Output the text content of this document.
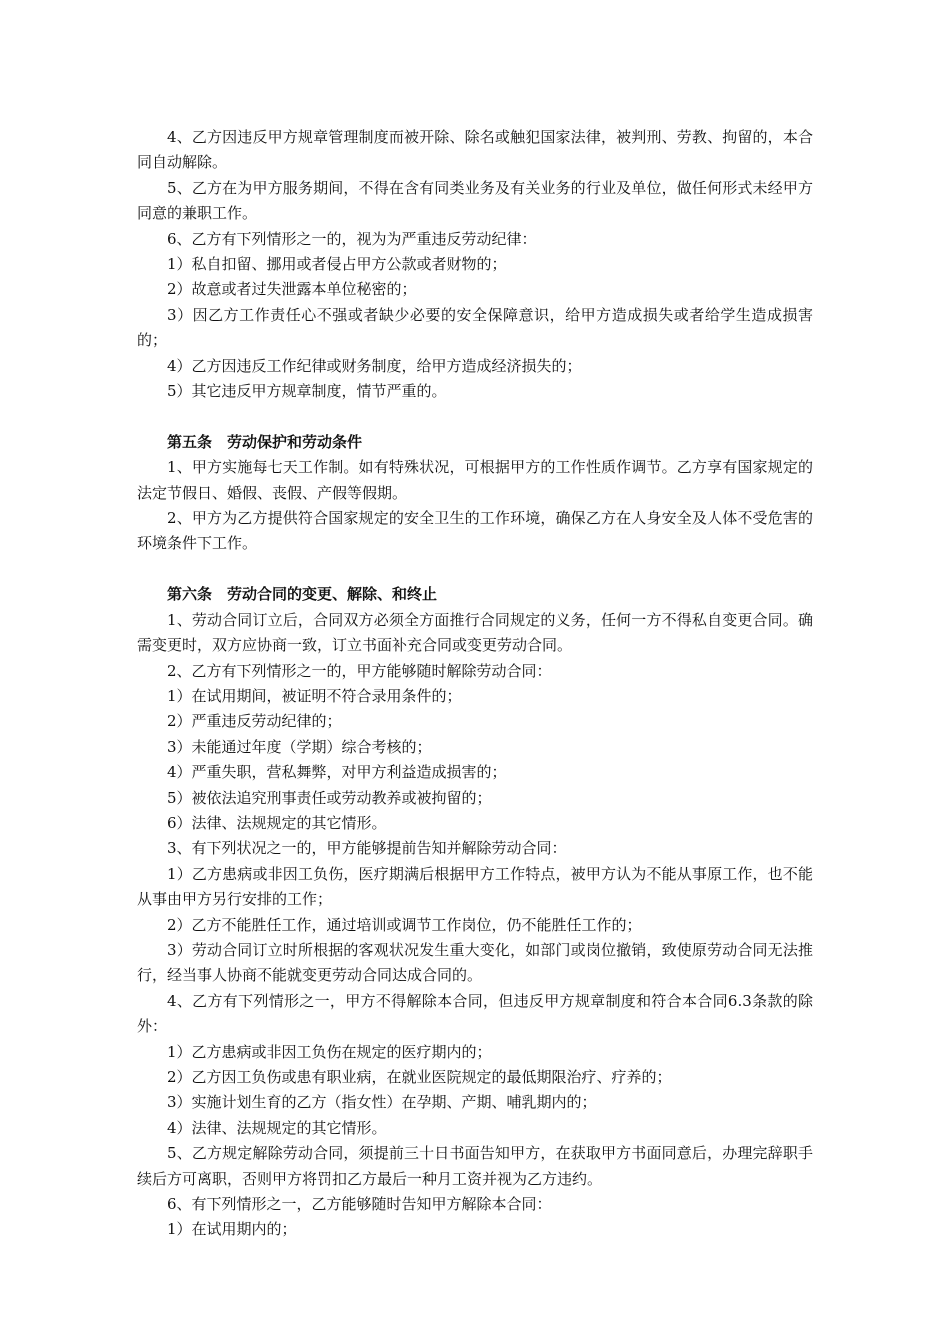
4、乙方因违反甲方规章管理制度而被开除、除名或触犯国家法律，被判刑、劳教、拘留的，本合同自动解除。

5、乙方在为甲方服务期间，不得在含有同类业务及有关业务的行业及单位，做任何形式未经甲方同意的兼职工作。

6、乙方有下列情形之一的，视为为严重违反劳动纪律：

1）私自扣留、挪用或者侵占甲方公款或者财物的；

2）故意或者过失泄露本单位秘密的；

3）因乙方工作责任心不强或者缺少必要的安全保障意识，给甲方造成损失或者给学生造成损害的；

4）乙方因违反工作纪律或财务制度，给甲方造成经济损失的；

5）其它违反甲方规章制度，情节严重的。

第五条　劳动保护和劳动条件

1、甲方实施每七天工作制。如有特殊状况，可根据甲方的工作性质作调节。乙方享有国家规定的法定节假日、婚假、丧假、产假等假期。

2、甲方为乙方提供符合国家规定的安全卫生的工作环境，确保乙方在人身安全及人体不受危害的环境条件下工作。

第六条　劳动合同的变更、解除、和终止

1、劳动合同订立后，合同双方必须全方面推行合同规定的义务，任何一方不得私自变更合同。确需变更时，双方应协商一致，订立书面补充合同或变更劳动合同。

2、乙方有下列情形之一的，甲方能够随时解除劳动合同：

1）在试用期间，被证明不符合录用条件的；

2）严重违反劳动纪律的；

3）未能通过年度（学期）综合考核的；

4）严重失职，营私舞弊，对甲方利益造成损害的；

5）被依法追究刑事责任或劳动教养或被拘留的；

6）法律、法规规定的其它情形。

3、有下列状况之一的，甲方能够提前告知并解除劳动合同：

1）乙方患病或非因工负伤，医疗期满后根据甲方工作特点，被甲方认为不能从事原工作，也不能从事由甲方另行安排的工作；

2）乙方不能胜任工作，通过培训或调节工作岗位，仍不能胜任工作的；

3）劳动合同订立时所根据的客观状况发生重大变化，如部门或岗位撤销，致使原劳动合同无法推行，经当事人协商不能就变更劳动合同达成合同的。

4、乙方有下列情形之一，甲方不得解除本合同，但违反甲方规章制度和符合本合同6.3条款的除外：

1）乙方患病或非因工负伤在规定的医疗期内的；

2）乙方因工负伤或患有职业病，在就业医院规定的最低期限治疗、疗养的；

3）实施计划生育的乙方（指女性）在孕期、产期、哺乳期内的；

4）法律、法规规定的其它情形。

5、乙方规定解除劳动合同，须提前三十日书面告知甲方，在获取甲方书面同意后，办理完辞职手续后方可离职，否则甲方将罚扣乙方最后一种月工资并视为乙方违约。

6、有下列情形之一，乙方能够随时告知甲方解除本合同：

1）在试用期内的；
